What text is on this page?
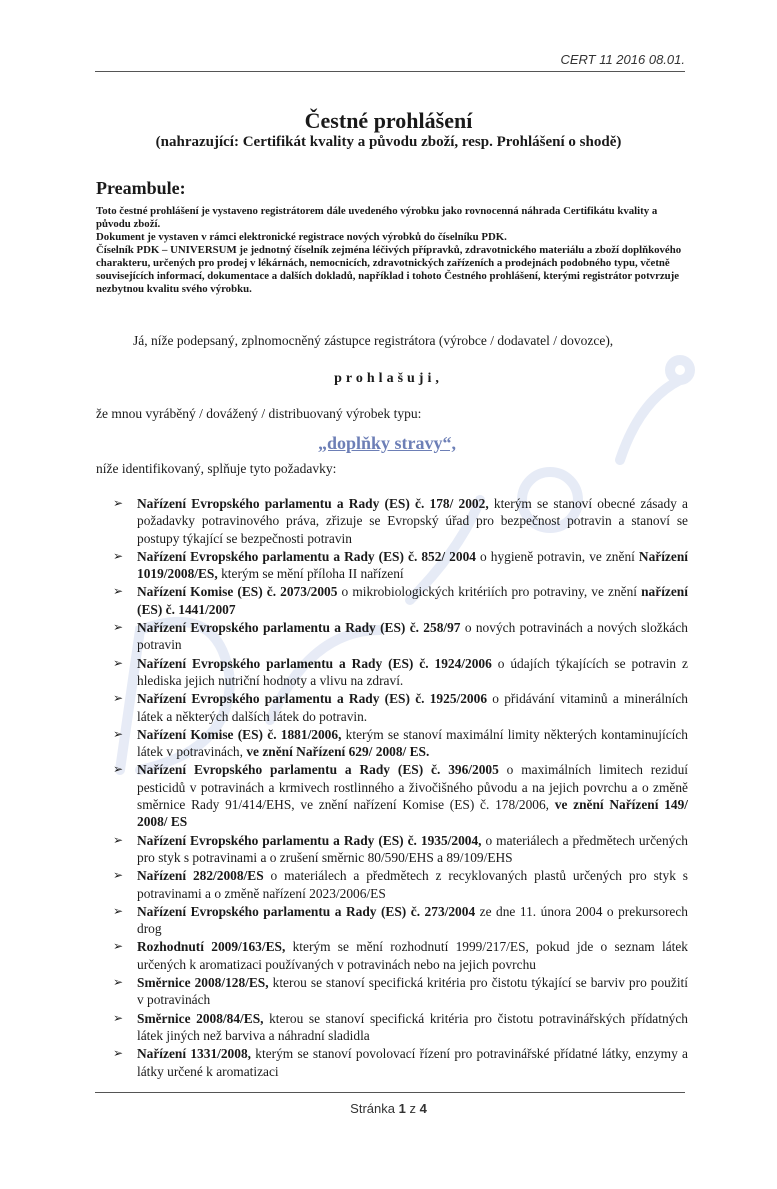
CERT 11 2016 08.01.
Čestné prohlášení
(nahrazující: Certifikát kvality a původu zboží, resp. Prohlášení o shodě)
Preambule:

Toto čestné prohlášení je vystaveno registrátorem dále uvedeného výrobku jako rovnocenná náhrada Certifikátu kvality a původu zboží.

Dokument je vystaven v rámci elektronické registrace nových výrobků do číselníku PDK.

Číselník PDK – UNIVERSUM je jednotný číselník zejména léčivých přípravků, zdravotnického materiálu a zboží doplňkového charakteru, určených pro prodej v lékárnách, nemocnicích, zdravotnických zařízeních a prodejnách podobného typu, včetně souvisejících informací, dokumentace a dalších dokladů, například i tohoto Čestného prohlášení, kterými registrátor potvrzuje nezbytnou kvalitu svého výrobku.

Já, níže podepsaný, zplnomocněný zástupce registrátora (výrobce / dodavatel / dovozce),
prohlašuji,
že mnou vyráběný / dovážený / distribuovaný výrobek typu:
„doplňky stravy“,
níže identifikovaný, splňuje tyto požadavky:
➢ Nařízení Evropského parlamentu a Rady (ES) č. 178/ 2002, kterým se stanoví obecné zásady a požadavky potravinového práva, zřizuje se Evropský úřad pro bezpečnost potravin a stanoví se postupy týkající se bezpečnosti potravin
➢ Nařízení Evropského parlamentu a Rady (ES) č. 852/ 2004 o hygieně potravin, ve znění Nařízení 1019/2008/ES, kterým se mění příloha II nařízení
➢ Nařízení Komise (ES) č. 2073/2005 o mikrobiologických kritériích pro potraviny, ve znění nařízení (ES) č. 1441/2007
➢ Nařízení Evropského parlamentu a Rady (ES) č. 258/97 o nových potravinách a nových složkách potravin
➢ Nařízení Evropského parlamentu a Rady (ES) č. 1924/2006 o údajích týkajících se potravin z hlediska jejich nutriční hodnoty a vlivu na zdraví.
➢ Nařízení Evropského parlamentu a Rady (ES) č. 1925/2006 o přidávání vitaminů a minerálních látek a některých dalších látek do potravin.
➢ Nařízení Komise (ES) č. 1881/2006, kterým se stanoví maximální limity některých kontaminujících látek v potravinách, ve znění Nařízení 629/ 2008/ ES.
➢ Nařízení Evropského parlamentu a Rady (ES) č. 396/2005 o maximálních limitech reziduí pesticidů v potravinách a krmivech rostlinného a živočišného původu a na jejich povrchu a o změně směrnice Rady 91/414/EHS, ve znění nařízení Komise (ES) č. 178/2006, ve znění Nařízení 149/ 2008/ ES
➢ Nařízení Evropského parlamentu a Rady (ES) č. 1935/2004, o materiálech a předmětech určených pro styk s potravinami a o zrušení směrnic 80/590/EHS a 89/109/EHS
➢ Nařízení 282/2008/ES o materiálech a předmětech z recyklovaných plastů určených pro styk s potravinami a o změně nařízení 2023/2006/ES
➢ Nařízení Evropského parlamentu a Rady (ES) č. 273/2004 ze dne 11. února 2004 o prekursorech drog
➢ Rozhodnutí 2009/163/ES, kterým se mění rozhodnutí 1999/217/ES, pokud jde o seznam látek určených k aromatizaci používaných v potravinách nebo na jejich povrchu
➢ Směrnice 2008/128/ES, kterou se stanoví specifická kritéria pro čistotu týkající se barviv pro použití v potravinách
➢ Směrnice 2008/84/ES, kterou se stanoví specifická kritéria pro čistotu potravinářských přídatných látek jiných než barviva a náhradní sladidla
➢ Nařízení 1331/2008, kterým se stanoví povolovací řízení pro potravinářské přídatné látky, enzymy a látky určené k aromatizaci
Stránka 1 z 4
